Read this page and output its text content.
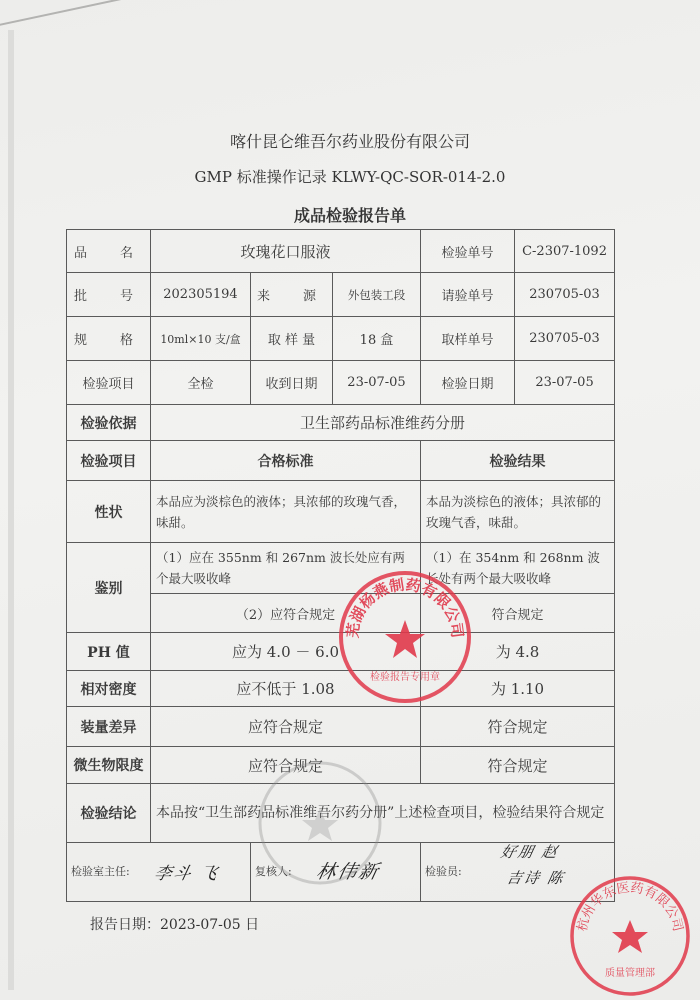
喀什昆仑维吾尔药业股份有限公司
GMP 标准操作记录 KLWY-QC-SOR-014-2.0
成品检验报告单
品　名	玫瑰花口服液			检验单号	C-2307-1092
批　号	202305194	来　源	外包装工段	请验单号	230705-03
规　格	10ml×10 支/盒	取 样 量	18 盒	取样单号	230705-03
检验项目	全检	收到日期	23-07-05	检验日期	23-07-05
检验依据	卫生部药品标准维药分册				
检验项目	合格标准			检验结果	
性状	本品应为淡棕色的液体；具浓郁的玫瑰气香，味甜。			本品为淡棕色的液体；具浓郁的玫瑰气香，味甜。	
鉴别	（1）应在 355nm 和 267nm 波长处应有两个最大吸收峰			（1）在 354nm 和 268nm 波长处有两个最大吸收峰	
	（2）应符合规定			符合规定	
PH 值	应为 4.0 － 6.0			为 4.8	
相对密度	应不低于 1.08			为 1.10	
装量差异	应符合规定			符合规定	
微生物限度	应符合规定			符合规定	
检验结论	本品按“卫生部药品标准维吾尔药分册”上述检查项目，检验结果符合规定				

检验室主任: 李斗 飞		复核人: 林伟新		检验员:
好朋 赵
吉诗 陈	
报告日期：2023-07-05 日
芜湖杨燕制药有限公司
检验报告专用章
杭州华东医药有限公司
质量管理部
